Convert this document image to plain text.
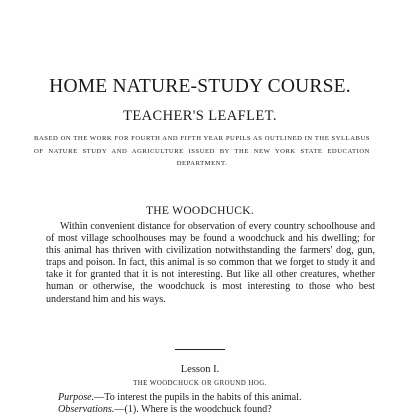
HOME NATURE-STUDY COURSE.
TEACHER'S LEAFLET.
BASED ON THE WORK FOR FOURTH AND FIFTH YEAR PUPILS AS OUTLINED IN THE SYLLABUS OF NATURE STUDY AND AGRICULTURE ISSUED BY THE NEW YORK STATE EDUCATION DEPARTMENT.
THE WOODCHUCK.

Within convenient distance for observation of every country schoolhouse and of most village schoolhouses may be found a woodchuck and his dwelling; for this animal has thriven with civilization notwithstanding the farmers' dog, gun, traps and poison. In fact, this animal is so common that we forget to study it and take it for granted that it is not interesting. But like all other creatures, whether human or otherwise, the woodchuck is most interesting to those who best understand him and his ways.

Lesson I.
THE WOODCHUCK OR GROUND HOG.
Purpose.—To interest the pupils in the habits of this animal.
Observations.—(1). Where is the woodchuck found?
